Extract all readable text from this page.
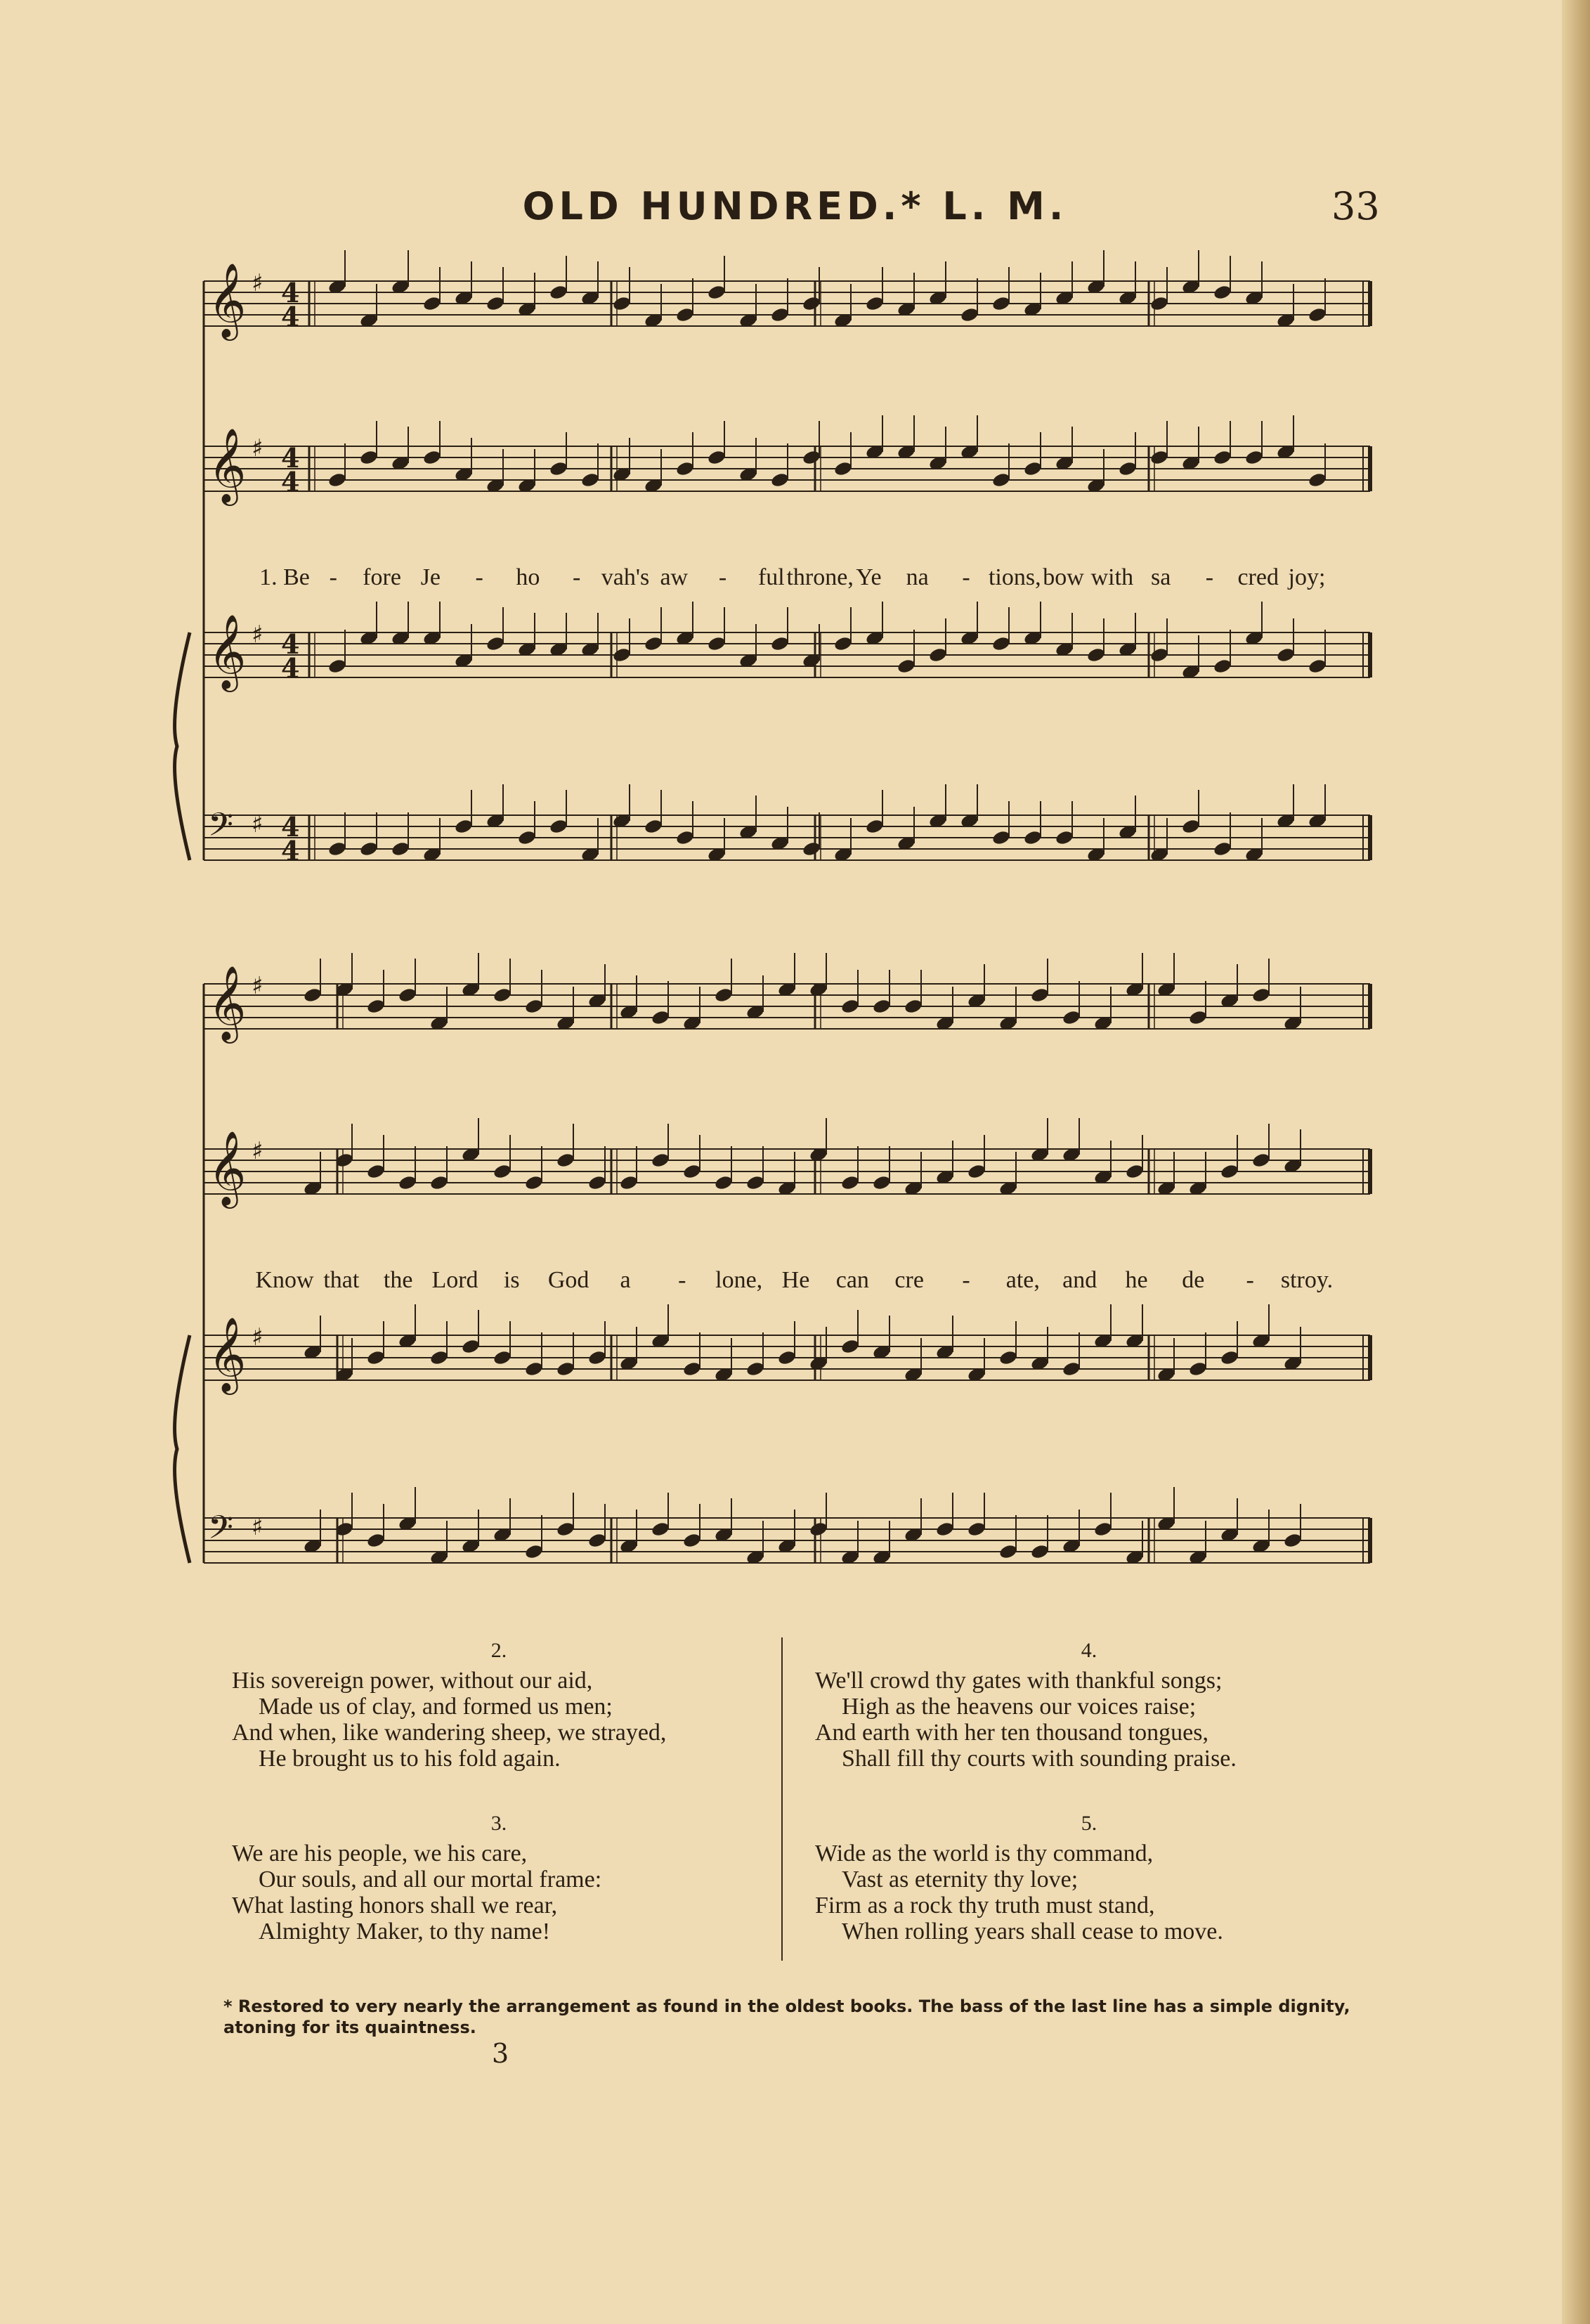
OLD HUNDRED.* L. M.	33
𝄞 ♯ 4
4
𝄞 ♯ 4
4
𝄞 ♯ 4
4
𝄢 ♯ 4
4
𝄞 ♯
𝄞 ♯
𝄞 ♯
𝄢 ♯
1. Be - fore Je - ho - vah's aw - ful throne, Ye na - tions, bow with sa - cred joy;
Know that the Lord is God a - lone, He can cre - ate, and he de - stroy.
2.
His sovereign power, without our aid,
Made us of clay, and formed us men;
And when, like wandering sheep, we strayed,
He brought us to his fold again.
3.
We are his people, we his care,
Our souls, and all our mortal frame:
What lasting honors shall we rear,
Almighty Maker, to thy name!
4.
We'll crowd thy gates with thankful songs;
High as the heavens our voices raise;
And earth with her ten thousand tongues,
Shall fill thy courts with sounding praise.
5.
Wide as the world is thy command,
Vast as eternity thy love;
Firm as a rock thy truth must stand,
When rolling years shall cease to move.
* Restored to very nearly the arrangement as found in the oldest books. The bass of the last line has a simple dignity, atoning for its quaintness.
3
